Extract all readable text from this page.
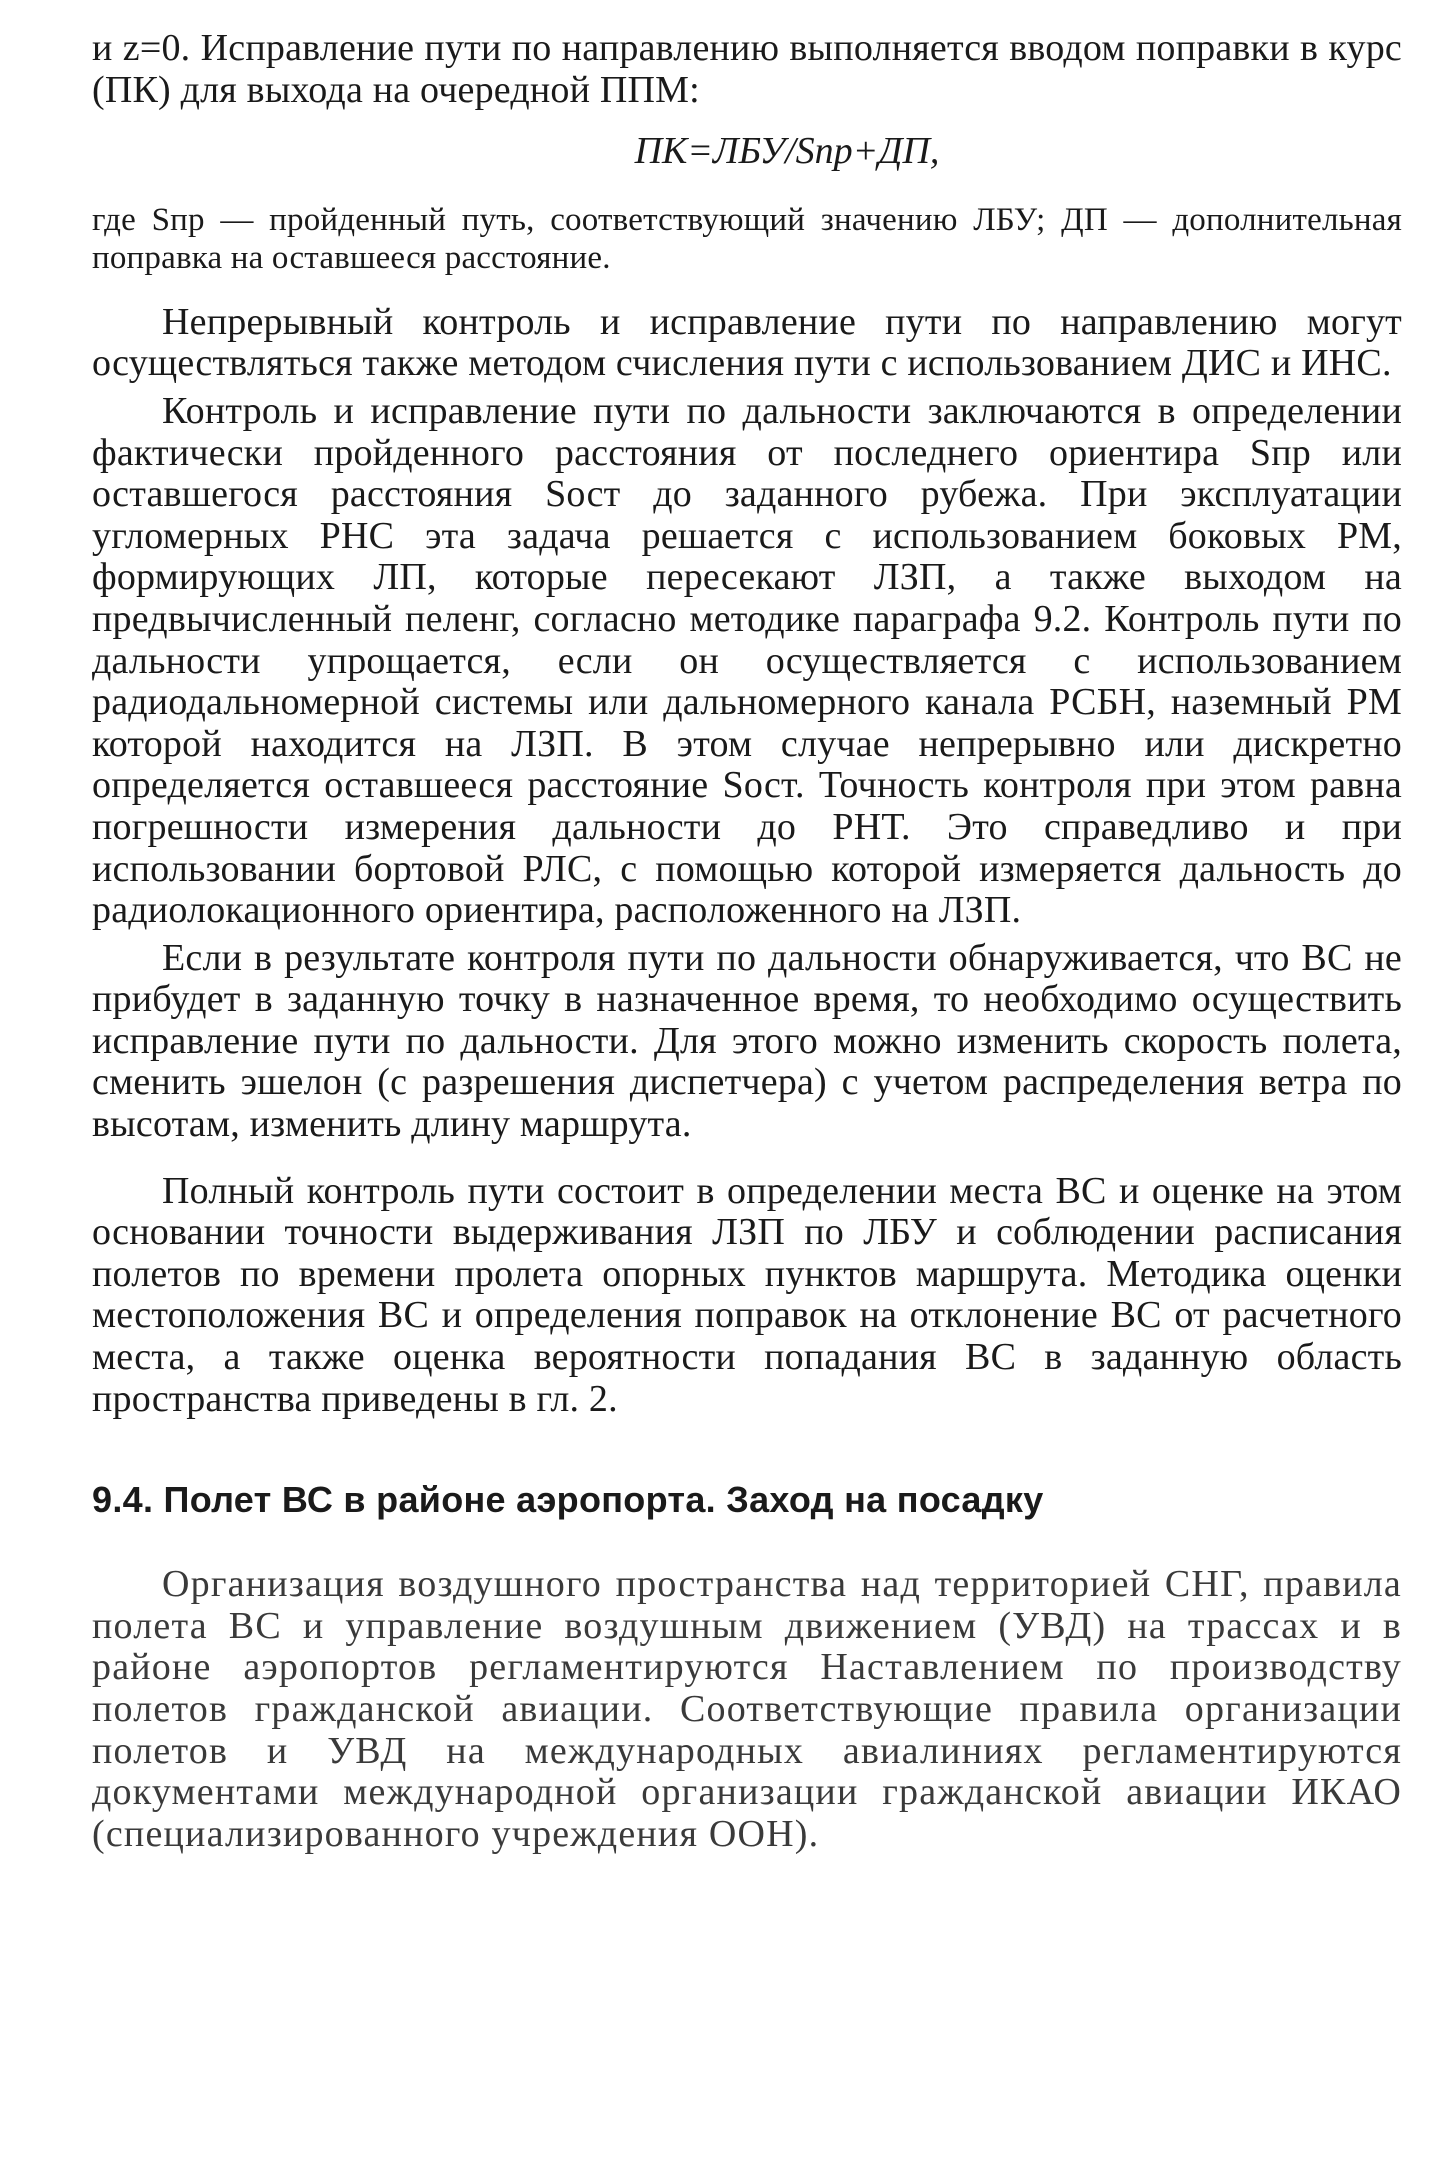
и z=0. Исправление пути по направлению выполняется вводом поправки в курс (ПК) для выхода на очередной ППМ:

ПК=ЛБУ/Sпр+ДП,

где Sпр — пройденный путь, соответствующий значению ЛБУ; ДП — дополнительная поправка на оставшееся расстояние.

Непрерывный контроль и исправление пути по направлению могут осуществляться также методом счисления пути с использованием ДИС и ИНС.

Контроль и исправление пути по дальности заключаются в определении фактически пройденного расстояния от последнего ориентира Sпр или оставшегося расстояния Sост до заданного рубежа. При эксплуатации угломерных РНС эта задача решается с использованием боковых РМ, формирующих ЛП, которые пересекают ЛЗП, а также выходом на предвычисленный пеленг, согласно методике параграфа 9.2. Контроль пути по дальности упрощается, если он осуществляется с использованием радиодальномерной системы или дальномерного канала РСБН, наземный РМ которой находится на ЛЗП. В этом случае непрерывно или дискретно определяется оставшееся расстояние Sост. Точность контроля при этом равна погрешности измерения дальности до РНТ. Это справедливо и при использовании бортовой РЛС, с помощью которой измеряется дальность до радиолокационного ориентира, расположенного на ЛЗП.

Если в результате контроля пути по дальности обнаруживается, что ВС не прибудет в заданную точку в назначенное время, то необходимо осуществить исправление пути по дальности. Для этого можно изменить скорость полета, сменить эшелон (с разрешения диспетчера) с учетом распределения ветра по высотам, изменить длину маршрута.

Полный контроль пути состоит в определении места ВС и оценке на этом основании точности выдерживания ЛЗП по ЛБУ и соблюдении расписания полетов по времени пролета опорных пунктов маршрута. Методика оценки местоположения ВС и определения поправок на отклонение ВС от расчетного места, а также оценка вероятности попадания ВС в заданную область пространства приведены в гл. 2.

9.4. Полет ВС в районе аэропорта. Заход на посадку

Организация воздушного пространства над территорией СНГ, правила полета ВС и управление воздушным движением (УВД) на трассах и в районе аэропортов регламентируются Наставлением по производству полетов гражданской авиации. Соответствующие правила организации полетов и УВД на международных авиалиниях регламентируются документами международной организации гражданской авиации ИКАО (специализированного учреждения ООН).
